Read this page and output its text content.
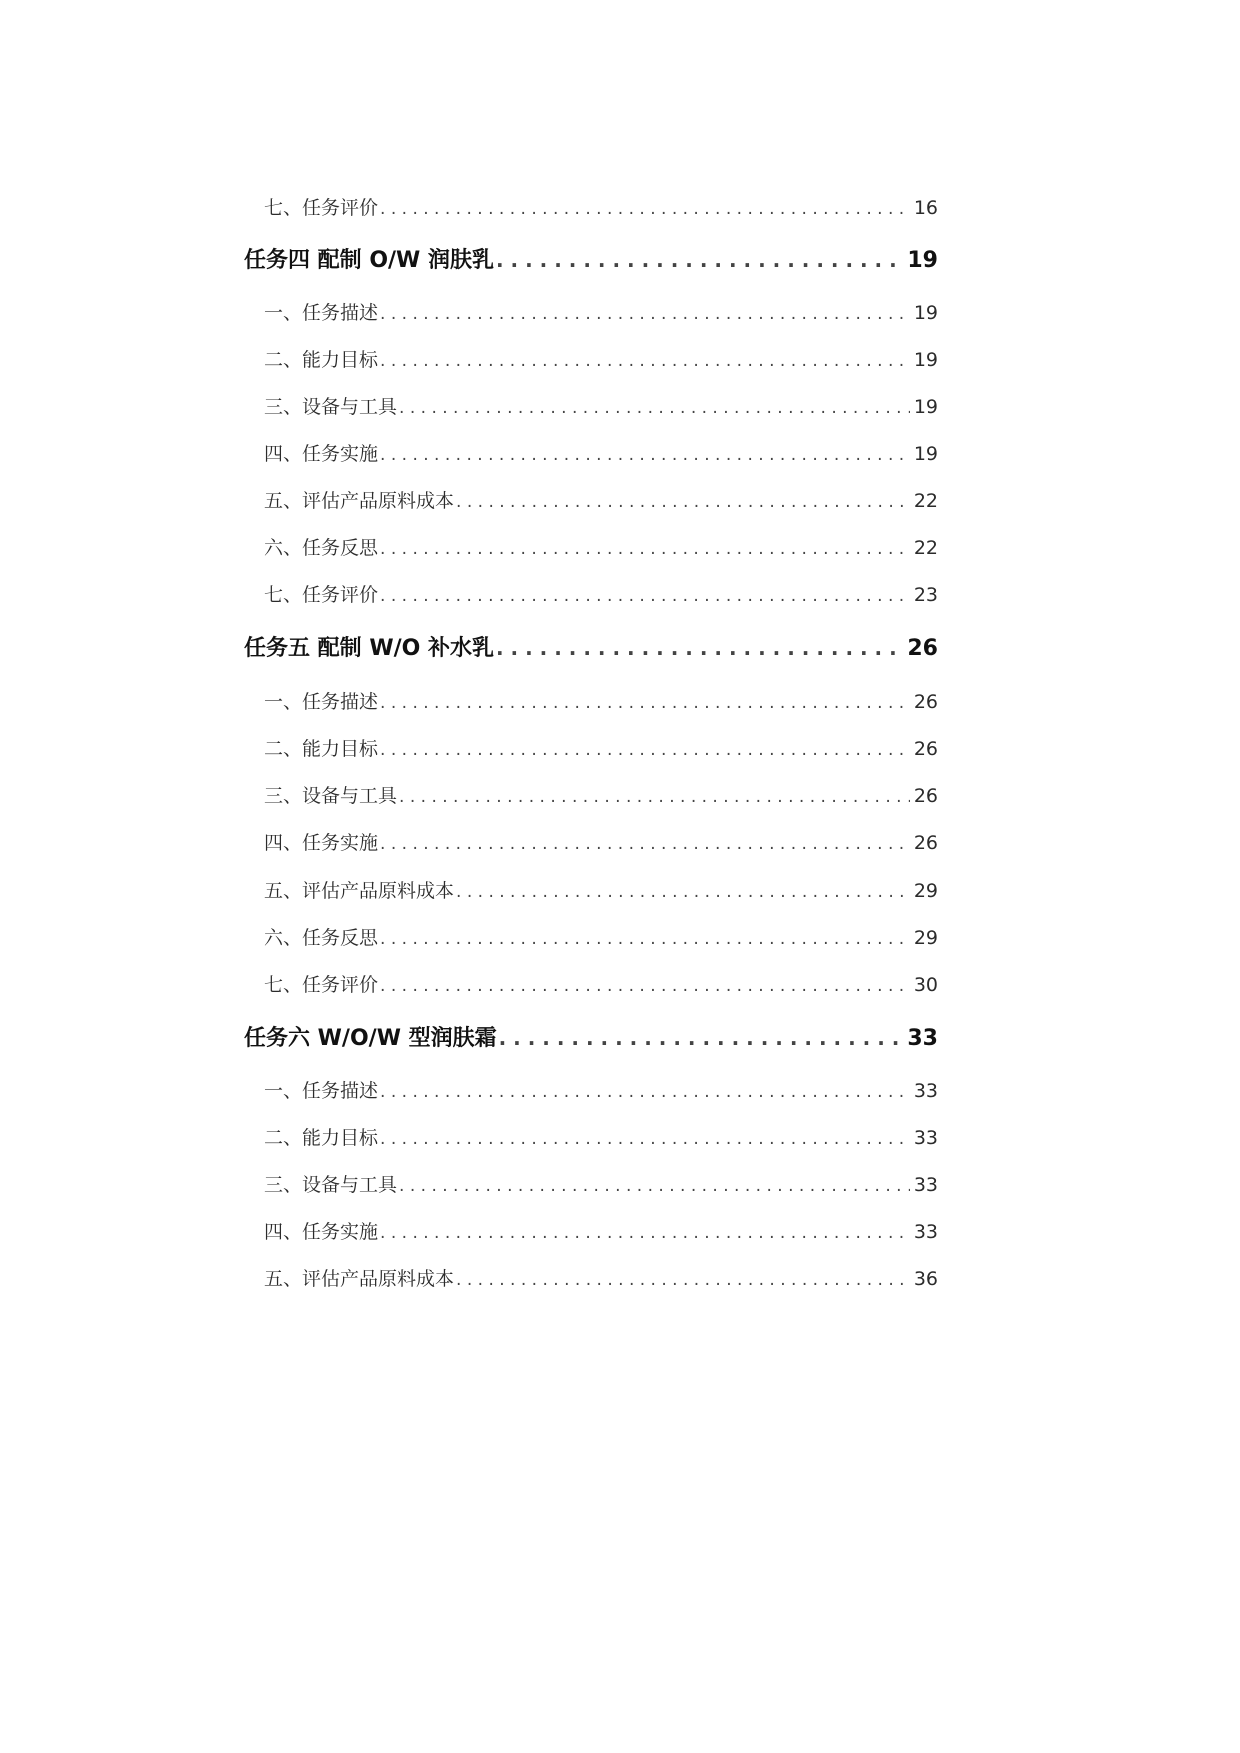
七、任务评价 . . .	16
任务四 配制 O/W 润肤乳 . . .	19
一、任务描述 . . .	19
二、能力目标 . . .	19
三、设备与工具 . . .	19
四、任务实施 . . .	19
五、评估产品原料成本 . . .	22
六、任务反思 . . .	22
七、任务评价 . . .	23
任务五 配制 W/O 补水乳 . . .	26
一、任务描述 . . .	26
二、能力目标 . . .	26
三、设备与工具 . . .	26
四、任务实施 . . .	26
五、评估产品原料成本 . . .	29
六、任务反思 . . .	29
七、任务评价 . . .	30
任务六 W/O/W 型润肤霜 . . .	33
一、任务描述 . . .	33
二、能力目标 . . .	33
三、设备与工具 . . .	33
四、任务实施 . . .	33
五、评估产品原料成本 . . .	36
